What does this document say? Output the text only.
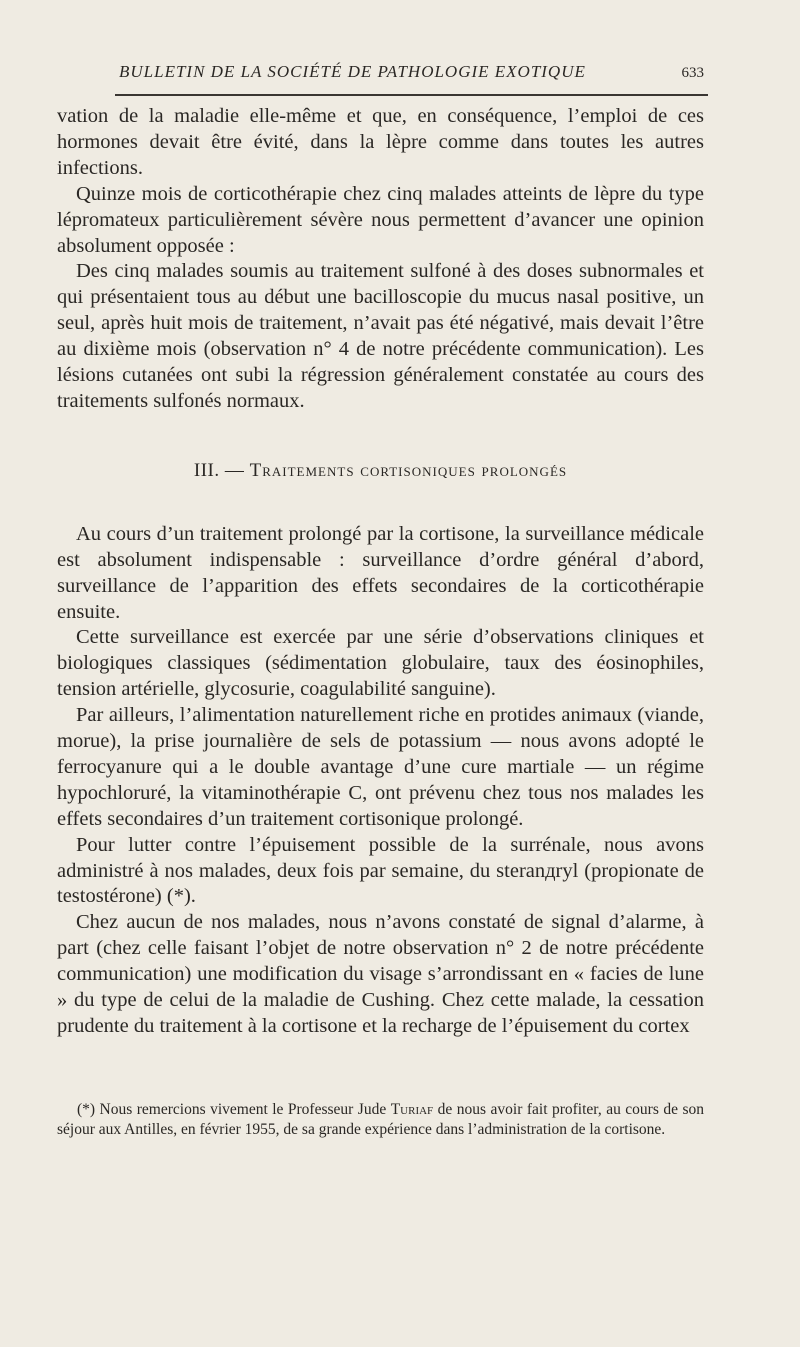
BULLETIN DE LA SOCIÉTÉ DE PATHOLOGIE EXOTIQUE	633

vation de la maladie elle-même et que, en conséquence, l’emploi de ces hormones devait être évité, dans la lèpre comme dans toutes les autres infections.

Quinze mois de corticothérapie chez cinq malades atteints de lèpre du type lépromateux particulièrement sévère nous permettent d’avancer une opinion absolument opposée :

Des cinq malades soumis au traitement sulfoné à des doses subnormales et qui présentaient tous au début une bacilloscopie du mucus nasal positive, un seul, après huit mois de traitement, n’avait pas été négativé, mais devait l’être au dixième mois (observation n° 4 de notre précédente communication). Les lésions cutanées ont subi la régression généralement constatée au cours des traitements sulfonés normaux.

III. — Traitements cortisoniques prolongés

Au cours d’un traitement prolongé par la cortisone, la surveillance médicale est absolument indispensable : surveillance d’ordre général d’abord, surveillance de l’apparition des effets secondaires de la corticothérapie ensuite.

Cette surveillance est exercée par une série d’observations cliniques et biologiques classiques (sédimentation globulaire, taux des éosinophiles, tension artérielle, glycosurie, coagulabilité sanguine).

Par ailleurs, l’alimentation naturellement riche en protides animaux (viande, morue), la prise journalière de sels de potassium — nous avons adopté le ferrocyanure qui a le double avantage d’une cure martiale — un régime hypochloruré, la vitaminothérapie C, ont prévenu chez tous nos malades les effets secondaires d’un traitement cortisonique prolongé.

Pour lutter contre l’épuisement possible de la surrénale, nous avons administré à nos malades, deux fois par semaine, du steranдryl (propionate de testostérone) (*).

Chez aucun de nos malades, nous n’avons constaté de signal d’alarme, à part (chez celle faisant l’objet de notre observation n° 2 de notre précédente communication) une modification du visage s’arrondissant en « facies de lune » du type de celui de la maladie de Cushing. Chez cette malade, la cessation prudente du traitement à la cortisone et la recharge de l’épuisement du cortex

(*) Nous remercions vivement le Professeur Jude Turiaf de nous avoir fait profiter, au cours de son séjour aux Antilles, en février 1955, de sa grande expérience dans l’administration de la cortisone.
